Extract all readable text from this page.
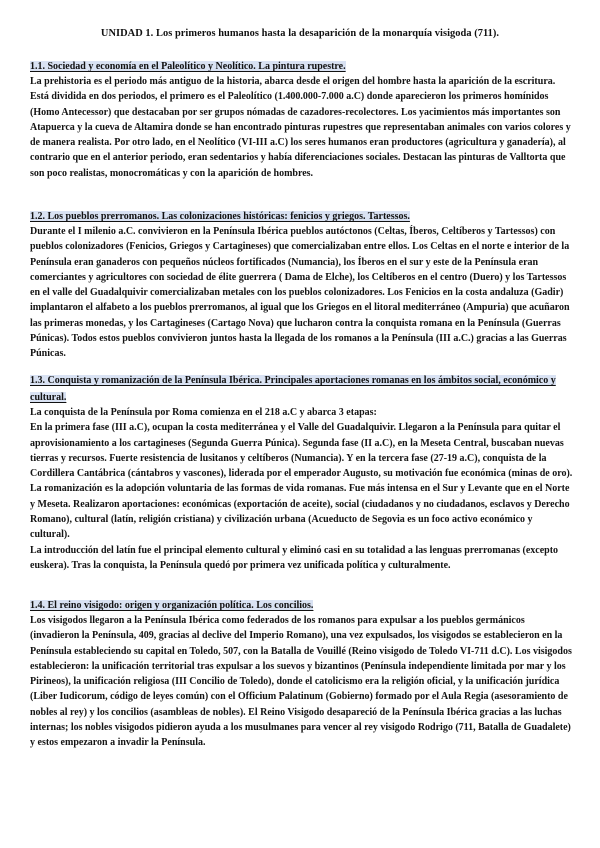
UNIDAD 1. Los primeros humanos hasta la desaparición de la monarquía visigoda (711).
1.1. Sociedad y economía en el Paleolítico y Neolítico. La pintura rupestre.

La prehistoria es el periodo más antiguo de la historia, abarca desde el origen del hombre hasta la aparición de la escritura. Está dividida en dos periodos, el primero es el Paleolítico (1.400.000-7.000 a.C) donde aparecieron los primeros homínidos (Homo Antecessor) que destacaban por ser grupos nómadas de cazadores-recolectores. Los yacimientos más importantes son Atapuerca y la cueva de Altamira donde se han encontrado pinturas rupestres que representaban animales con varios colores y de manera realista. Por otro lado, en el Neolítico (VI-III a.C) los seres humanos eran productores (agricultura y ganadería), al contrario que en el anterior periodo, eran sedentarios y había diferenciaciones sociales. Destacan las pinturas de Valltorta que son poco realistas, monocromáticas y con la aparición de hombres.

1.2. Los pueblos prerromanos. Las colonizaciones históricas: fenicios y griegos. Tartessos.

Durante el I milenio a.C. convivieron en la Península Ibérica pueblos autóctonos (Celtas, Íberos, Celtíberos y Tartessos) con pueblos colonizadores (Fenicios, Griegos y Cartagineses) que comercializaban entre ellos. Los Celtas en el norte e interior de la Península eran ganaderos con pequeños núcleos fortificados (Numancia), los Íberos en el sur y este de la Península eran comerciantes y agricultores con sociedad de élite guerrera ( Dama de Elche), los Celtíberos en el centro (Duero) y los Tartessos en el valle del Guadalquivir comercializaban metales con los pueblos colonizadores. Los Fenicios en la costa andaluza (Gadir) implantaron el alfabeto a los pueblos prerromanos, al igual que los Griegos en el litoral mediterráneo (Ampuria) que acuñaron las primeras monedas, y los Cartagineses (Cartago Nova) que lucharon contra la conquista romana en la Península (Guerras Púnicas). Todos estos pueblos convivieron juntos hasta la llegada de los romanos a la Península (III a.C.) gracias a las Guerras Púnicas.

1.3. Conquista y romanización de la Península Ibérica. Principales aportaciones romanas en los ámbitos social, económico y cultural.

La conquista de la Península por Roma comienza en el 218 a.C y abarca 3 etapas:

En la primera fase (III a.C), ocupan la costa mediterránea y el Valle del Guadalquivir. Llegaron a la Península para quitar el aprovisionamiento a los cartagineses (Segunda Guerra Púnica). Segunda fase (II a.C), en la Meseta Central, buscaban nuevas tierras y recursos. Fuerte resistencia de lusitanos y celtíberos (Numancia). Y en la tercera fase (27-19 a.C), conquista de la Cordillera Cantábrica (cántabros y vascones), liderada por el emperador Augusto, su motivación fue económica (minas de oro).

La romanización es la adopción voluntaria de las formas de vida romanas. Fue más intensa en el Sur y Levante que en el Norte y Meseta. Realizaron aportaciones: económicas (exportación de aceite), social (ciudadanos y no ciudadanos, esclavos y Derecho Romano), cultural (latín, religión cristiana) y civilización urbana (Acueducto de Segovia es un foco activo económico y cultural).

La introducción del latín fue el principal elemento cultural y eliminó casi en su totalidad a las lenguas prerromanas (excepto euskera). Tras la conquista, la Península quedó por primera vez unificada política y culturalmente.

1.4. El reino visigodo: origen y organización política. Los concilios.

Los visigodos llegaron a la Península Ibérica como federados de los romanos para expulsar a los pueblos germánicos (invadieron la Península, 409, gracias al declive del Imperio Romano), una vez expulsados, los visigodos se establecieron en la Península estableciendo su capital en Toledo, 507, con la Batalla de Vouillé (Reino visigodo de Toledo VI-711 d.C). Los visigodos establecieron: la unificación territorial tras expulsar a los suevos y bizantinos (Península independiente limitada por mar y los Pirineos), la unificación religiosa (III Concilio de Toledo), donde el catolicismo era la religión oficial, y la unificación jurídica (Liber Iudicorum, código de leyes común) con el Officium Palatinum (Gobierno) formado por el Aula Regia (asesoramiento de nobles al rey) y los concilios (asambleas de nobles). El Reino Visigodo desapareció de la Península Ibérica gracias a las luchas internas; los nobles visigodos pidieron ayuda a los musulmanes para vencer al rey visigodo Rodrigo (711, Batalla de Guadalete) y estos empezaron a invadir la Península.
